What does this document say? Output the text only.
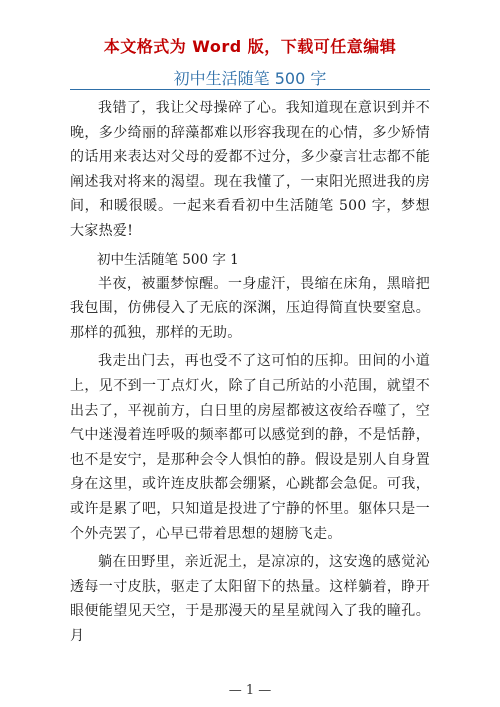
本文格式为 Word 版，下载可任意编辑
初中生活随笔 500 字

我错了，我让父母操碎了心。我知道现在意识到并不晚，多少绮丽的辞藻都难以形容我现在的心情，多少矫情的话用来表达对父母的爱都不过分，多少豪言壮志都不能阐述我对将来的渴望。现在我懂了，一束阳光照进我的房间，和暖很暖。一起来看看初中生活随笔 500 字，梦想大家热爱!

初中生活随笔 500 字 1

半夜，被噩梦惊醒。一身虚汗，畏缩在床角，黑暗把我包围，仿佛侵入了无底的深渊，压迫得简直快要窒息。那样的孤独，那样的无助。

我走出门去，再也受不了这可怕的压抑。田间的小道上，见不到一丁点灯火，除了自己所站的小范围，就望不出去了，平视前方，白日里的房屋都被这夜给吞噬了，空气中迷漫着连呼吸的频率都可以感觉到的静，不是恬静，也不是安宁，是那种会令人惧怕的静。假设是别人自身置身在这里，或许连皮肤都会绷紧，心跳都会急促。可我，或许是累了吧，只知道是投进了宁静的怀里。躯体只是一个外壳罢了，心早已带着思想的翅膀飞走。

躺在田野里，亲近泥土，是凉凉的，这安逸的感觉沁透每一寸皮肤，驱走了太阳留下的热量。这样躺着，睁开眼便能望见天空，于是那漫天的星星就闯入了我的瞳孔。月

— 1 —
